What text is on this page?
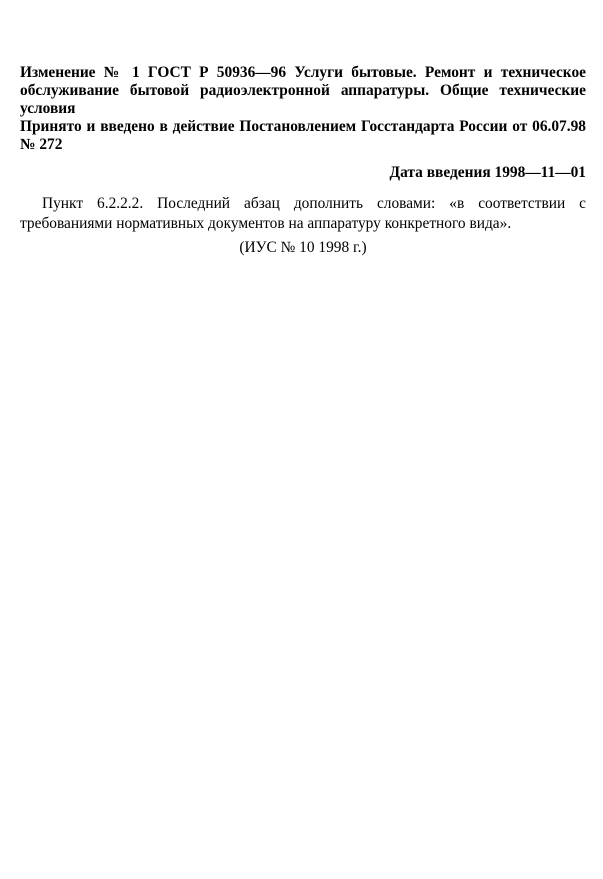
Изменение № 1 ГОСТ Р 50936—96 Услуги бытовые. Ремонт и техническое обслуживание бытовой радиоэлектронной аппаратуры. Общие технические условия

Принято и введено в действие Постановлением Госстандарта России от 06.07.98 № 272

Дата введения 1998—11—01
Пункт 6.2.2.2. Последний абзац дополнить словами: «в соответствии с требованиями нормативных документов на аппаратуру конкретного вида».
(ИУС № 10 1998 г.)
